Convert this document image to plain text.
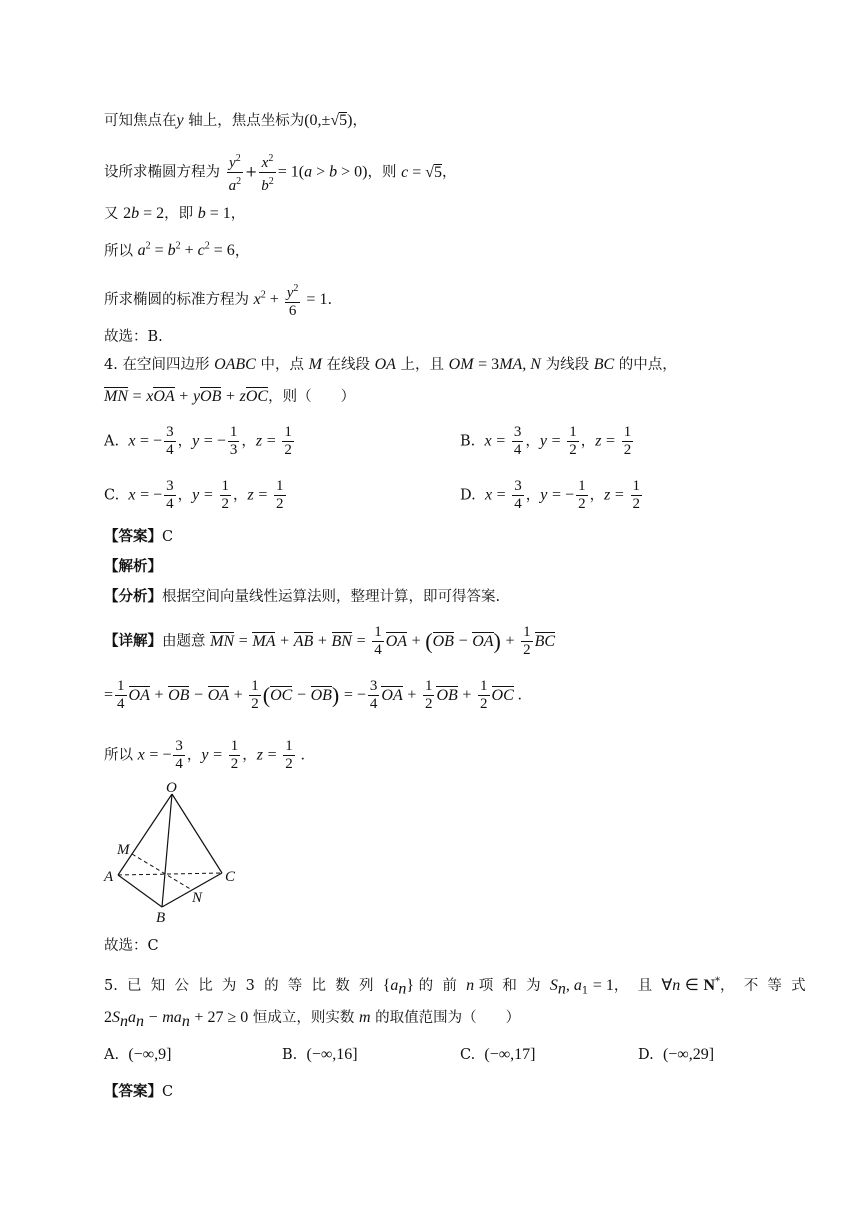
可知焦点在y 轴上，焦点坐标为(0,±√5)，
设所求椭圆方程为 $\frac{y^2}{a^2} + \frac{x^2}{b^2} = 1(a > b > 0)$，则 c = √5，
又 2b = 2，即 b = 1，
所以 $a^2 = b^2 + c^2 = 6$，
所求椭圆的标准方程为 $x^2 + \frac{y^2}{6} = 1$.
故选：B.
4. 在空间四边形 OABC 中，点 M 在线段 OA 上，且 OM = 3MA, N 为线段 BC 的中点，
MN = xOA + yOB + zOC，则（　　）
A.  x = − $\frac{3}{4}$ ，y = − $\frac{1}{3}$ ，$z = \frac{1}{2}$	B.  $x = \frac{3}{4}$ ，$y = \frac{1}{2}$ ，$z = \frac{1}{2}$
C.  x = − $\frac{3}{4}$ ，$y = \frac{1}{2}$ ，$z = \frac{1}{2}$	D.  $x = \frac{3}{4}$ ，y = − $\frac{1}{2}$ ，$z = \frac{1}{2}$
【答案】C
【解析】
【分析】根据空间向量线性运算法则，整理计算，即可得答案.
【详解】由题意 MN = MA + AB + BN = $\frac{1}{4}$ OA + $(OB - OA) + \frac{1}{2}$ BC
= $\frac{1}{4}$ OA + OB − OA + $\frac{1}{2} (OC - OB)$ = − $\frac{3}{4}$ OA + $\frac{1}{2}$ OB + $\frac{1}{2}$ OC .
所以 x = − $\frac{3}{4}$ ，$y = \frac{1}{2}$ ，$z = \frac{1}{2}$ .
O
M
A
B
C
N
故选：C
5.  已  知  公  比  为  3  的  等  比  数  列  $\{a_n\}$ 的  前  n 项  和  为  $S_n$, $a_1 = 1$，  且  ∀n ∈ N*，  不  等  式
$2S_na_n - ma_n + 27 \ge 0$ 恒成立，则实数 m 的取值范围为（　　）
A. (−∞,9]	B. (−∞,16]	C. (−∞,17]	D. (−∞,29]
【答案】C
